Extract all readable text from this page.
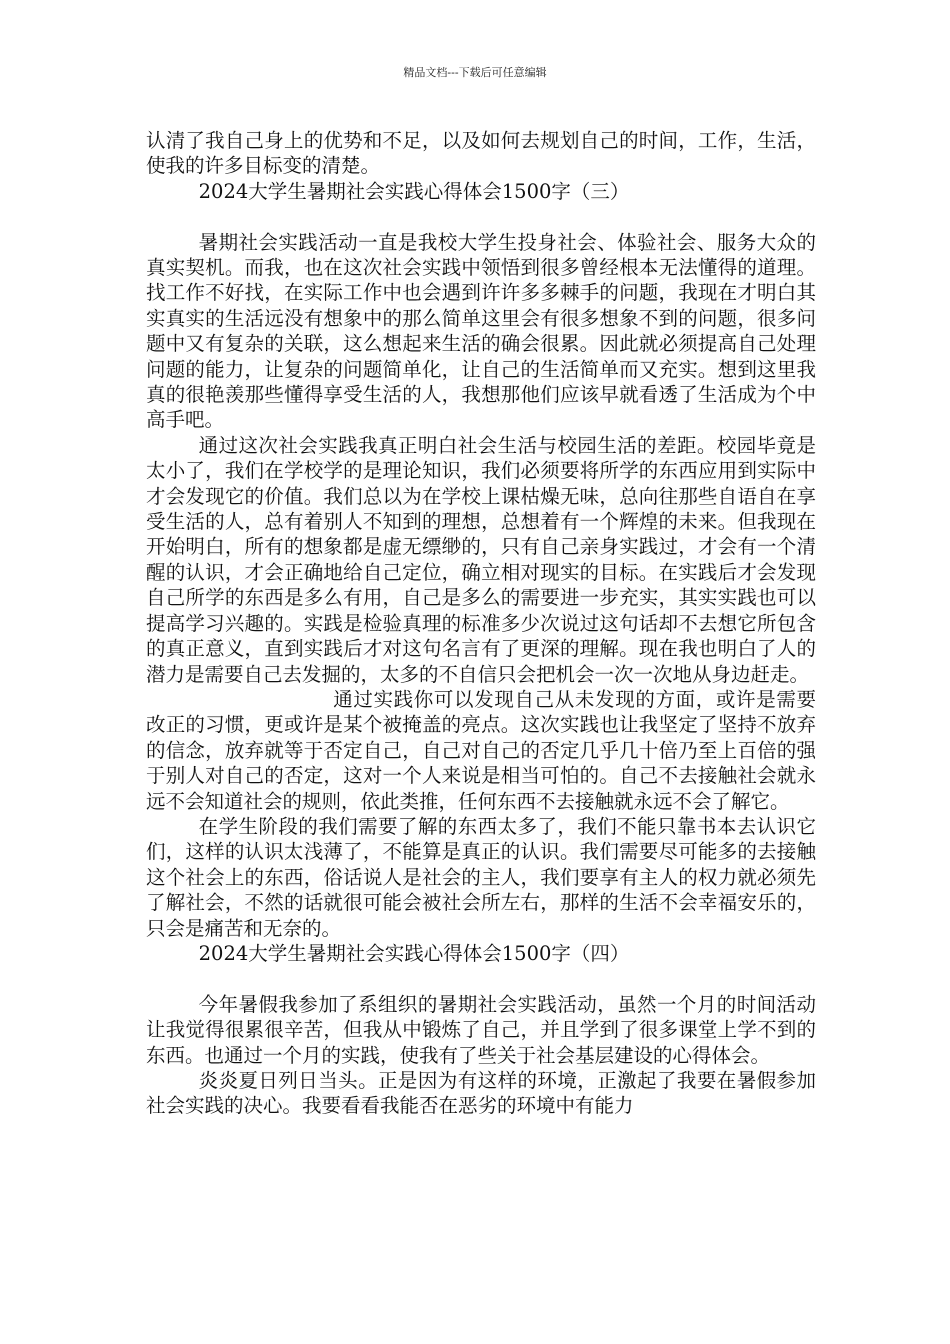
精品文档---下载后可任意编辑

认清了我自己身上的优势和不足，以及如何去规划自己的时间，工作，生活，使我的许多目标变的清楚。

2024大学生暑期社会实践心得体会1500字（三）

暑期社会实践活动一直是我校大学生投身社会、体验社会、服务大众的真实契机。而我，也在这次社会实践中领悟到很多曾经根本无法懂得的道理。找工作不好找，在实际工作中也会遇到许许多多棘手的问题，我现在才明白其实真实的生活远没有想象中的那么简单这里会有很多想象不到的问题，很多问题中又有复杂的关联，这么想起来生活的确会很累。因此就必须提高自己处理问题的能力，让复杂的问题简单化，让自己的生活简单而又充实。想到这里我真的很艳羡那些懂得享受生活的人，我想那他们应该早就看透了生活成为个中高手吧。

通过这次社会实践我真正明白社会生活与校园生活的差距。校园毕竟是太小了，我们在学校学的是理论知识，我们必须要将所学的东西应用到实际中才会发现它的价值。我们总以为在学校上课枯燥无味，总向往那些自语自在享受生活的人，总有着别人不知到的理想，总想着有一个辉煌的未来。但我现在开始明白，所有的想象都是虚无缥缈的，只有自己亲身实践过，才会有一个清醒的认识，才会正确地给自己定位，确立相对现实的目标。在实践后才会发现自己所学的东西是多么有用，自己是多么的需要进一步充实，其实实践也可以提高学习兴趣的。实践是检验真理的标准多少次说过这句话却不去想它所包含的真正意义，直到实践后才对这句名言有了更深的理解。现在我也明白了人的潜力是需要自己去发掘的，太多的不自信只会把机会一次一次地从身边赶走。

通过实践你可以发现自己从未发现的方面，或许是需要改正的习惯，更或许是某个被掩盖的亮点。这次实践也让我坚定了坚持不放弃的信念，放弃就等于否定自己，自己对自己的否定几乎几十倍乃至上百倍的强于别人对自己的否定，这对一个人来说是相当可怕的。自己不去接触社会就永远不会知道社会的规则，依此类推，任何东西不去接触就永远不会了解它。

在学生阶段的我们需要了解的东西太多了，我们不能只靠书本去认识它们，这样的认识太浅薄了，不能算是真正的认识。我们需要尽可能多的去接触这个社会上的东西，俗话说人是社会的主人，我们要享有主人的权力就必须先了解社会，不然的话就很可能会被社会所左右，那样的生活不会幸福安乐的，只会是痛苦和无奈的。

2024大学生暑期社会实践心得体会1500字（四）

今年暑假我参加了系组织的暑期社会实践活动，虽然一个月的时间活动让我觉得很累很辛苦，但我从中锻炼了自己，并且学到了很多课堂上学不到的东西。也通过一个月的实践，使我有了些关于社会基层建设的心得体会。

炎炎夏日列日当头。正是因为有这样的环境，正激起了我要在暑假参加社会实践的决心。我要看看我能否在恶劣的环境中有能力
